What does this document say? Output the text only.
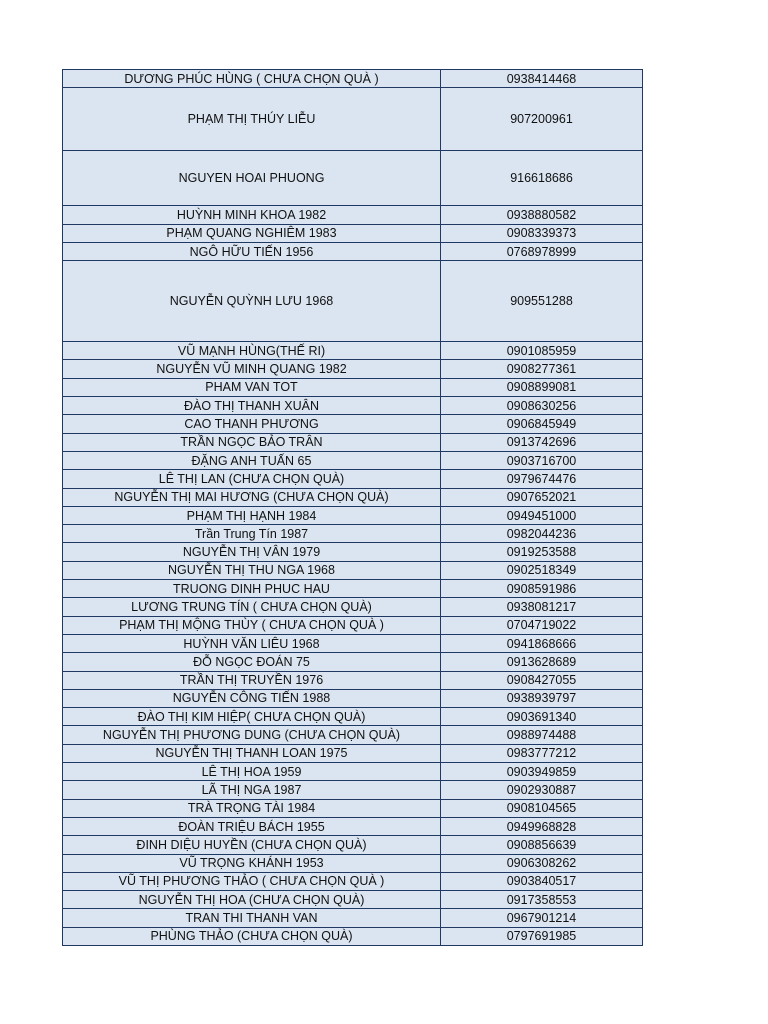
DƯƠNG PHÚC HÙNG ( CHƯA CHỌN QUÀ )	0938414468
PHẠM THỊ THÚY LIỄU	907200961
NGUYEN HOAI PHUONG	916618686
HUỲNH MINH KHOA 1982	0938880582
PHẠM QUANG NGHIÊM 1983	0908339373
NGÔ HỮU TIẾN 1956	0768978999
NGUYỄN QUỲNH LƯU 1968	909551288
VŨ MẠNH HÙNG(THẾ RI)	0901085959
NGUYỄN VŨ MINH QUANG 1982	0908277361
PHAM VAN TOT	0908899081
ĐÀO THỊ THANH XUÂN	0908630256
CAO THANH PHƯƠNG	0906845949
TRẦN NGỌC BẢO TRÂN	0913742696
ĐẶNG ANH TUẤN 65	0903716700
LÊ THỊ LAN (CHƯA CHỌN QUÀ)	0979674476
NGUYỄN THỊ MAI HƯƠNG (CHƯA CHỌN QUÀ)	0907652021
PHẠM THỊ HẠNH 1984	0949451000
Trần Trung Tín 1987	0982044236
NGUYỄN THỊ VÂN 1979	0919253588
NGUYỄN THỊ THU NGA 1968	0902518349
TRUONG DINH PHUC HAU	0908591986
LƯƠNG TRUNG TÍN ( CHƯA CHỌN QUÀ)	0938081217
PHẠM THỊ MỘNG THÙY ( CHƯA CHỌN QUÀ )	0704719022
HUỲNH VĂN LIÊU 1968	0941868666
ĐỖ NGỌC ĐOÁN 75	0913628689
TRẦN THỊ TRUYỀN 1976	0908427055
NGUYỄN CÔNG TIẾN 1988	0938939797
ĐÀO THỊ KIM HIỆP( CHƯA CHỌN QUÀ)	0903691340
NGUYỄN THỊ PHƯƠNG DUNG (CHƯA CHỌN QUÀ)	0988974488
NGUYỄN THỊ THANH LOAN 1975	0983777212
LÊ THỊ HOA 1959	0903949859
LÃ THỊ NGA 1987	0902930887
TRÀ TRỌNG TÀI 1984	0908104565
ĐOÀN TRIỆU BÁCH 1955	0949968828
ĐINH DIỆU HUYỀN (CHƯA CHỌN QUÀ)	0908856639
VŨ TRỌNG KHÁNH 1953	0906308262
VŨ THỊ PHƯƠNG THẢO ( CHƯA CHỌN QUÀ )	0903840517
NGUYỄN THỊ HOA (CHƯA CHỌN QUÀ)	0917358553
TRAN THI THANH VAN	0967901214
PHÙNG THẢO (CHƯA CHỌN QUÀ)	0797691985
